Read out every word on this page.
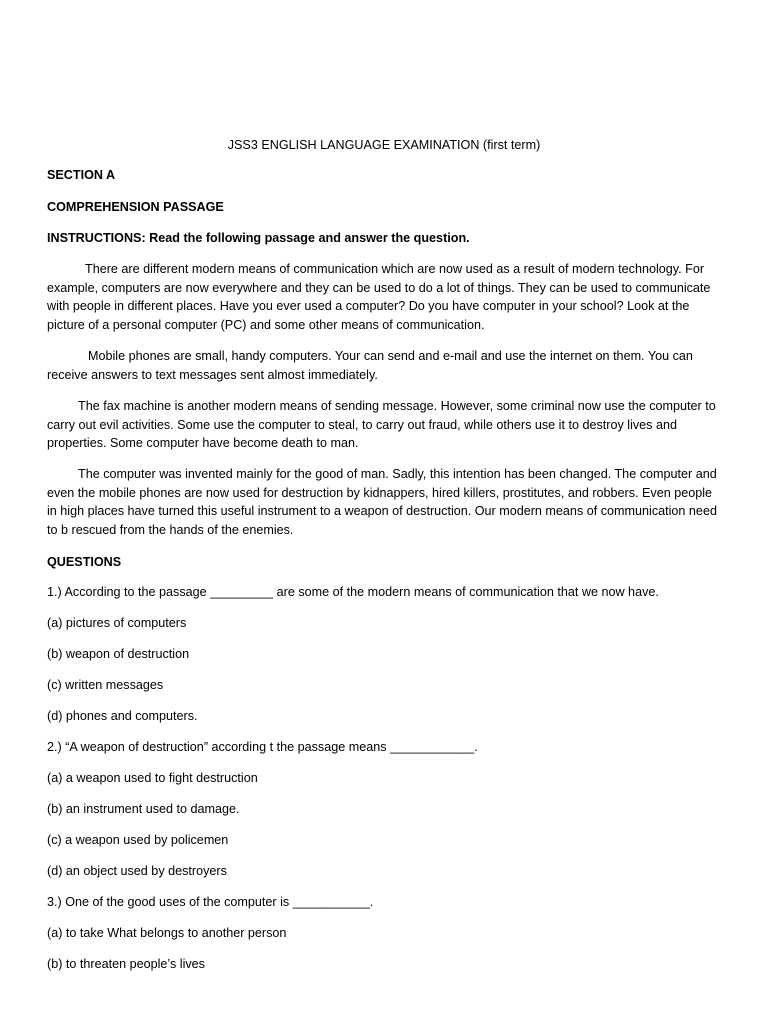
JSS3 ENGLISH LANGUAGE EXAMINATION (first term)
SECTION A
COMPREHENSION PASSAGE
INSTRUCTIONS: Read the following passage and answer the question.
There are different modern means of communication which are now used as a result of modern technology. For example, computers are now everywhere and they can be used to do a lot of things. They can be used to communicate with people in different places. Have you ever used a computer? Do you have computer in your school? Look at the picture of a personal computer (PC) and some other means of communication.
Mobile phones are small, handy computers. Your can send and e-mail and use the internet on them. You can receive answers to text messages sent almost immediately.
The fax machine is another modern means of sending message. However, some criminal now use the computer to carry out evil activities. Some use the computer to steal, to carry out fraud, while others use it to destroy lives and properties. Some computer have become death to man.
The computer was invented mainly for the good of man. Sadly, this intention has been changed. The computer and even the mobile phones are now used for destruction by kidnappers, hired killers, prostitutes, and robbers. Even people in high places have turned this useful instrument to a weapon of destruction. Our modern means of communication need to b rescued from the hands of the enemies.
QUESTIONS
1.) According to the passage _________ are some of the modern means of communication that we now have.
(a) pictures of computers
(b) weapon of destruction
(c) written messages
(d) phones and computers.
2.) “A weapon of destruction” according t the passage means ____________.
(a) a weapon used to fight destruction
(b) an instrument used to damage.
(c) a weapon used by policemen
(d) an object used by destroyers
3.) One of the good uses of the computer is ___________.
(a) to take What belongs to another person
(b) to threaten people’s lives
